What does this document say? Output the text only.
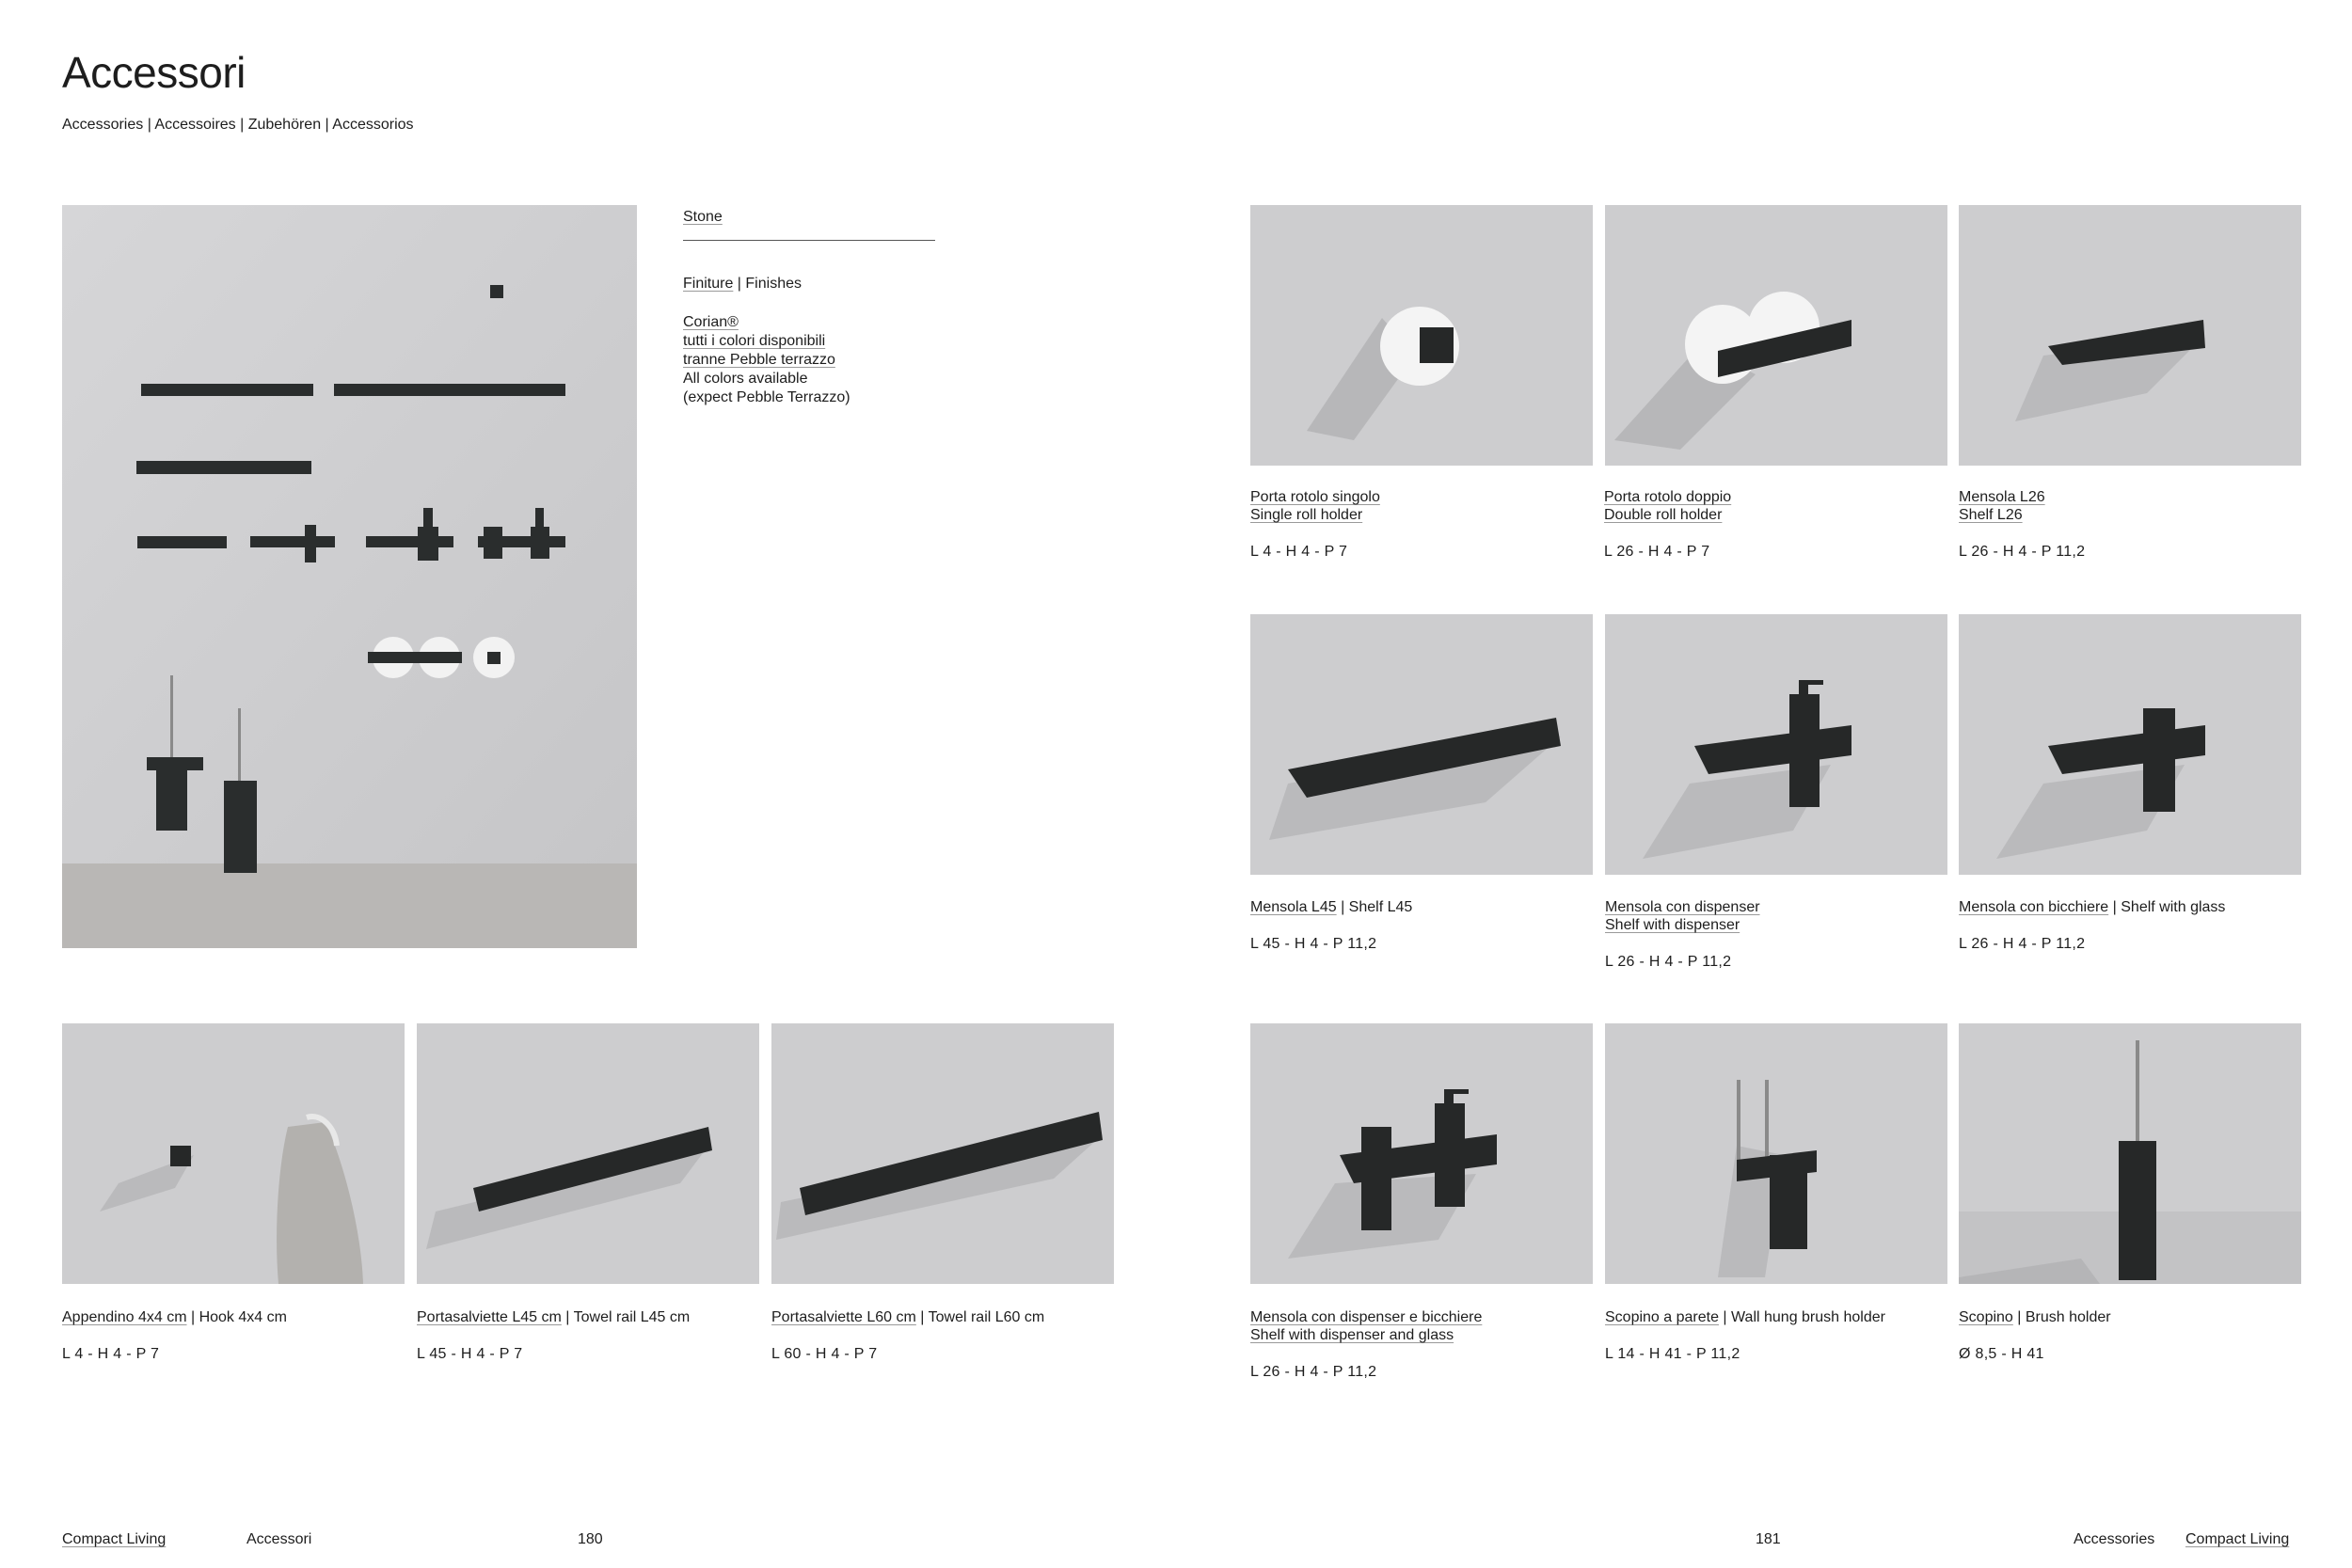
Accessori
Accessories | Accessoires | Zubehören | Accessorios
Stone
Finiture | Finishes
Corian®
tutti i colori disponibili
tranne Pebble terrazzo
All colors available
(expect Pebble Terrazzo)
Porta rotolo singolo
Single roll holder
L 4 - H 4 - P 7
Porta rotolo doppio
Double roll holder
L 26 - H 4 - P 7
Mensola L26
Shelf L26
L 26 - H 4 - P 11,2
Mensola L45 | Shelf L45
L 45 - H 4 - P 11,2
Mensola con dispenser
Shelf with dispenser
L 26 - H 4 - P 11,2
Mensola con bicchiere | Shelf with glass
L 26 - H 4 - P 11,2
Appendino 4x4 cm | Hook 4x4 cm
L 4 - H 4 - P 7
Portasalviette L45 cm | Towel rail L45 cm
L 45 - H 4 - P 7
Portasalviette L60 cm | Towel rail L60 cm
L 60 - H 4 - P 7
Mensola con dispenser e bicchiere
Shelf with dispenser and glass
L 26 - H 4 - P 11,2
Scopino a parete | Wall hung brush holder
L 14 - H 41 - P 11,2
Scopino | Brush holder
Ø 8,5 - H 41
Compact Living	Accessori	180	181	Accessories Compact Living
